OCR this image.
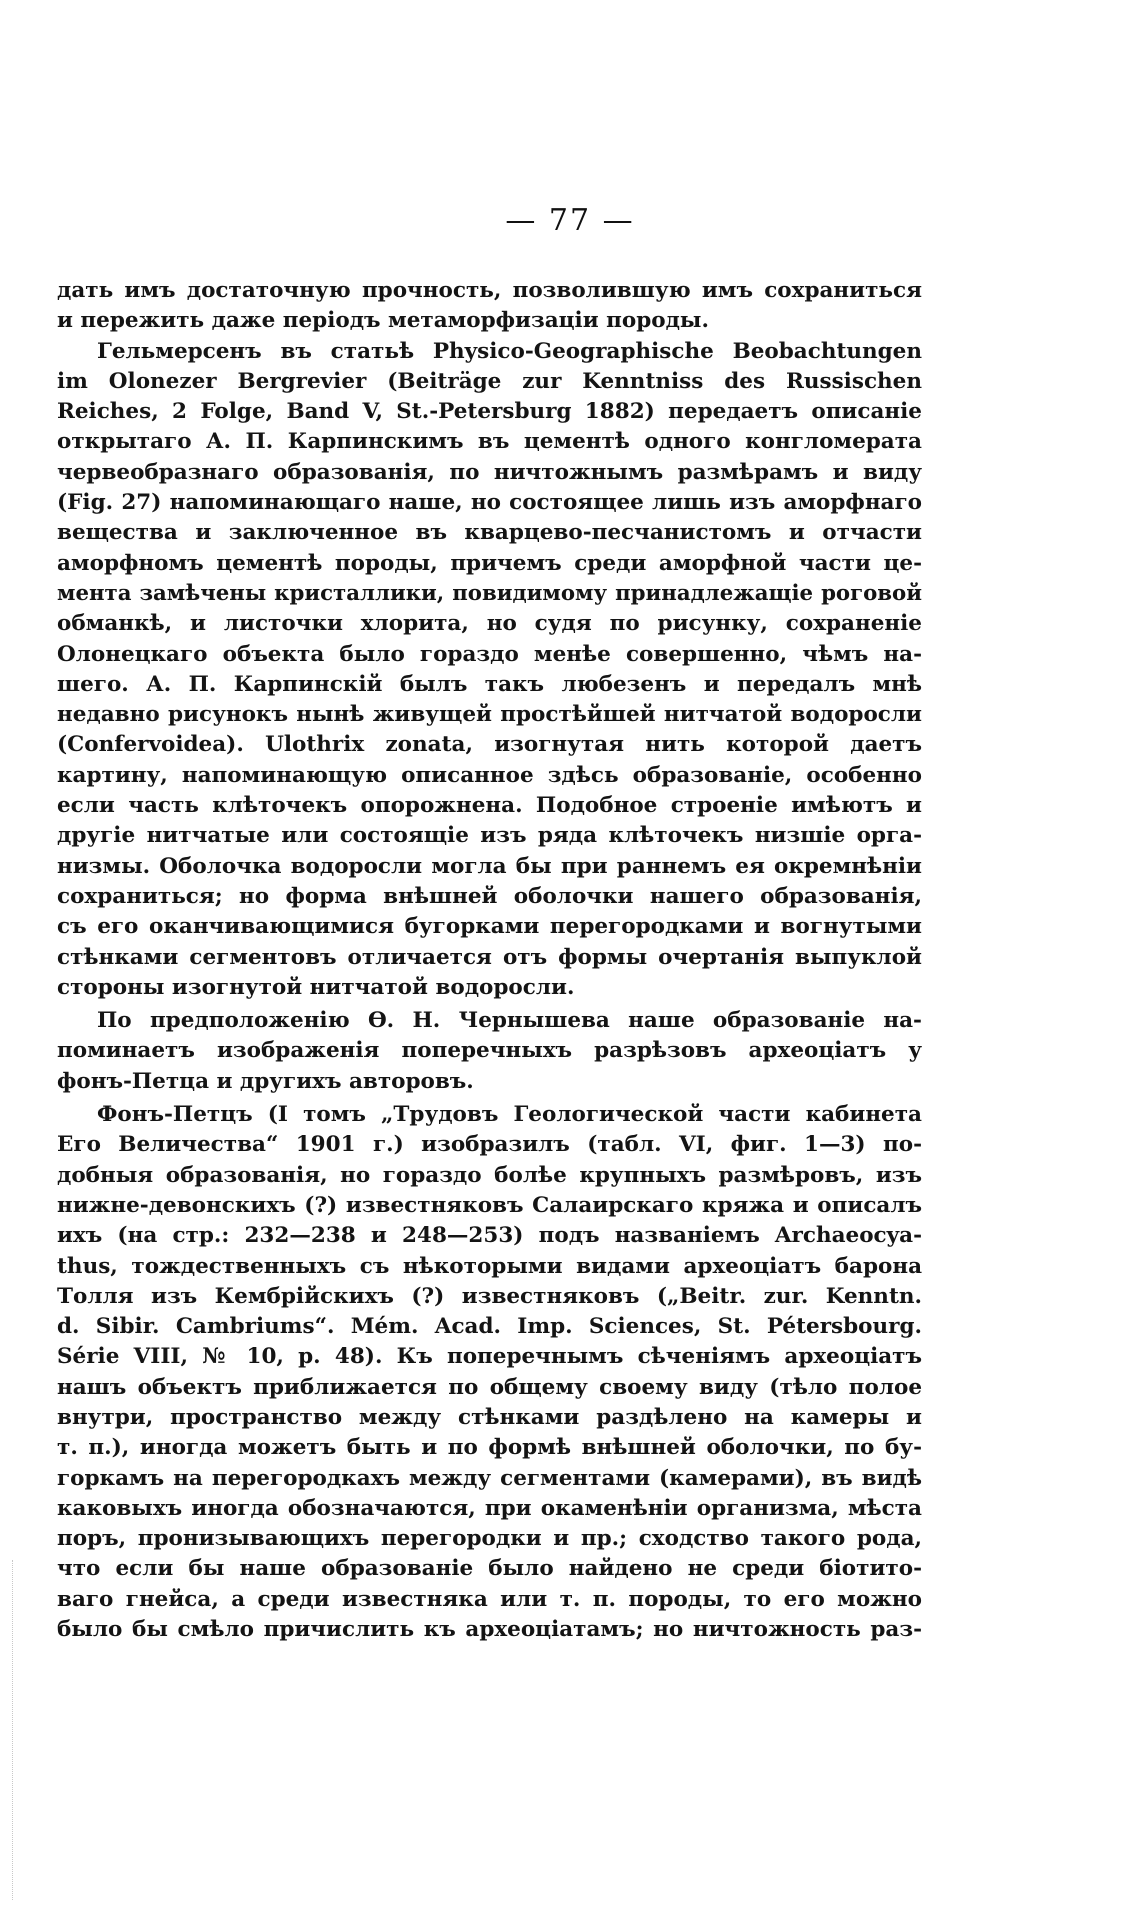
— 77 —
дать имъ достаточную прочность, позволившую имъ сохраниться
и пережить даже періодъ метаморфизаціи породы.
Гельмерсенъ въ статьѣ Physico-Geographische Beobachtungen
im Olonezer Bergrevier (Beiträge zur Kenntniss des Russischen
Reiches, 2 Folge, Band V, St.-Petersburg 1882) передаетъ описаніе
открытаго А. П. Карпинскимъ въ цементѣ одного конгломерата
червеобразнаго образованія, по ничтожнымъ размѣрамъ и виду
(Fig. 27) напоминающаго наше, но состоящее лишь изъ аморфнаго
вещества и заключенное въ кварцево-песчанистомъ и отчасти
аморфномъ цементѣ породы, причемъ среди аморфной части це-
мента замѣчены кристаллики, повидимому принадлежащіе роговой
обманкѣ, и листочки хлорита, но судя по рисунку, сохраненіе
Олонецкаго объекта было гораздо менѣе совершенно, чѣмъ на-
шего. А. П. Карпинскій былъ такъ любезенъ и передалъ мнѣ
недавно рисунокъ нынѣ живущей простѣйшей нитчатой водоросли
(Confervoidea). Ulothrix zonata, изогнутая нить которой даетъ
картину, напоминающую описанное здѣсь образованіе, особенно
если часть клѣточекъ опорожнена. Подобное строеніе имѣютъ и
другіе нитчатые или состоящіе изъ ряда клѣточекъ низшіе орга-
низмы. Оболочка водоросли могла бы при раннемъ ея окремнѣніи
сохраниться; но форма внѣшней оболочки нашего образованія,
съ его оканчивающимися бугорками перегородками и вогнутыми
стѣнками сегментовъ отличается отъ формы очертанія выпуклой
стороны изогнутой нитчатой водоросли.
По предположенію Ѳ. Н. Чернышева наше образованіе на-
поминаетъ изображенія поперечныхъ разрѣзовъ археоціатъ у
фонъ-Петца и другихъ авторовъ.
Фонъ-Петцъ (I томъ „Трудовъ Геологической части кабинета
Его Величества“ 1901 г.) изобразилъ (табл. VI, фиг. 1—3) по-
добныя образованія, но гораздо болѣе крупныхъ размѣровъ, изъ
нижне-девонскихъ (?) известняковъ Салаирскаго кряжа и описалъ
ихъ (на стр.: 232—238 и 248—253) подъ названіемъ Archaeocya-
thus, тождественныхъ съ нѣкоторыми видами археоціатъ барона
Толля изъ Кембрійскихъ (?) известняковъ („Beitr. zur. Kenntn.
d. Sibir. Cambriums“. Mém. Acad. Imp. Sciences, St. Pétersbourg.
Série VIII, № 10, p. 48). Къ поперечнымъ сѣченіямъ археоціатъ
нашъ объектъ приближается по общему своему виду (тѣло полое
внутри, пространство между стѣнками раздѣлено на камеры и
т. п.), иногда можетъ быть и по формѣ внѣшней оболочки, по бу-
горкамъ на перегородкахъ между сегментами (камерами), въ видѣ
каковыхъ иногда обозначаются, при окаменѣніи организма, мѣста
поръ, пронизывающихъ перегородки и пр.; сходство такого рода,
что если бы наше образованіе было найдено не среди біотито-
ваго гнейса, а среди известняка или т. п. породы, то его можно
было бы смѣло причислить къ археоціатамъ; но ничтожность раз-
